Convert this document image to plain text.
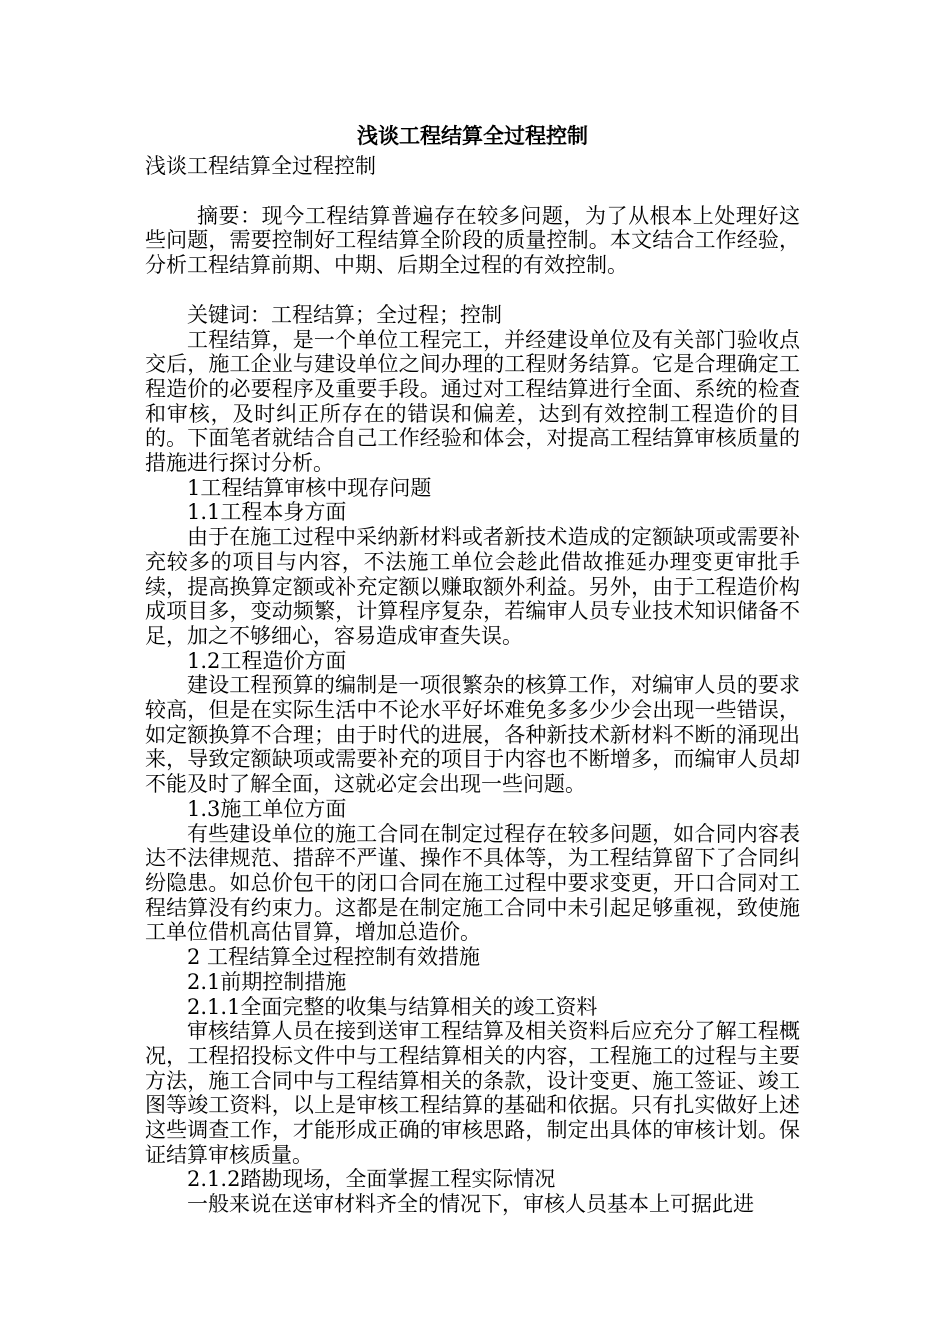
浅谈工程结算全过程控制

浅谈工程结算全过程控制

摘要：现今工程结算普遍存在较多问题，为了从根本上处理好这些问题，需要控制好工程结算全阶段的质量控制。本文结合工作经验，分析工程结算前期、中期、后期全过程的有效控制。

关键词：工程结算；全过程；控制

工程结算，是一个单位工程完工，并经建设单位及有关部门验收点交后，施工企业与建设单位之间办理的工程财务结算。它是合理确定工程造价的必要程序及重要手段。通过对工程结算进行全面、系统的检查和审核，及时纠正所存在的错误和偏差，达到有效控制工程造价的目的。下面笔者就结合自己工作经验和体会，对提高工程结算审核质量的措施进行探讨分析。

1工程结算审核中现存问题

1.1工程本身方面

由于在施工过程中采纳新材料或者新技术造成的定额缺项或需要补充较多的项目与内容，不法施工单位会趁此借故推延办理变更审批手续，提高换算定额或补充定额以赚取额外利益。另外，由于工程造价构成项目多，变动频繁，计算程序复杂，若编审人员专业技术知识储备不足，加之不够细心，容易造成审查失误。

1.2工程造价方面

建设工程预算的编制是一项很繁杂的核算工作，对编审人员的要求较高，但是在实际生活中不论水平好坏难免多多少少会出现一些错误，如定额换算不合理；由于时代的进展，各种新技术新材料不断的涌现出来，导致定额缺项或需要补充的项目于内容也不断增多，而编审人员却不能及时了解全面，这就必定会出现一些问题。

1.3施工单位方面

有些建设单位的施工合同在制定过程存在较多问题，如合同内容表达不法律规范、措辞不严谨、操作不具体等，为工程结算留下了合同纠纷隐患。如总价包干的闭口合同在施工过程中要求变更，开口合同对工程结算没有约束力。这都是在制定施工合同中未引起足够重视，致使施工单位借机高估冒算，增加总造价。

2 工程结算全过程控制有效措施

2.1前期控制措施

2.1.1全面完整的收集与结算相关的竣工资料

审核结算人员在接到送审工程结算及相关资料后应充分了解工程概况，工程招投标文件中与工程结算相关的内容，工程施工的过程与主要方法，施工合同中与工程结算相关的条款，设计变更、施工签证、竣工图等竣工资料，以上是审核工程结算的基础和依据。只有扎实做好上述这些调查工作，才能形成正确的审核思路，制定出具体的审核计划。保证结算审核质量。

2.1.2踏勘现场，全面掌握工程实际情况

一般来说在送审材料齐全的情况下，审核人员基本上可据此进
